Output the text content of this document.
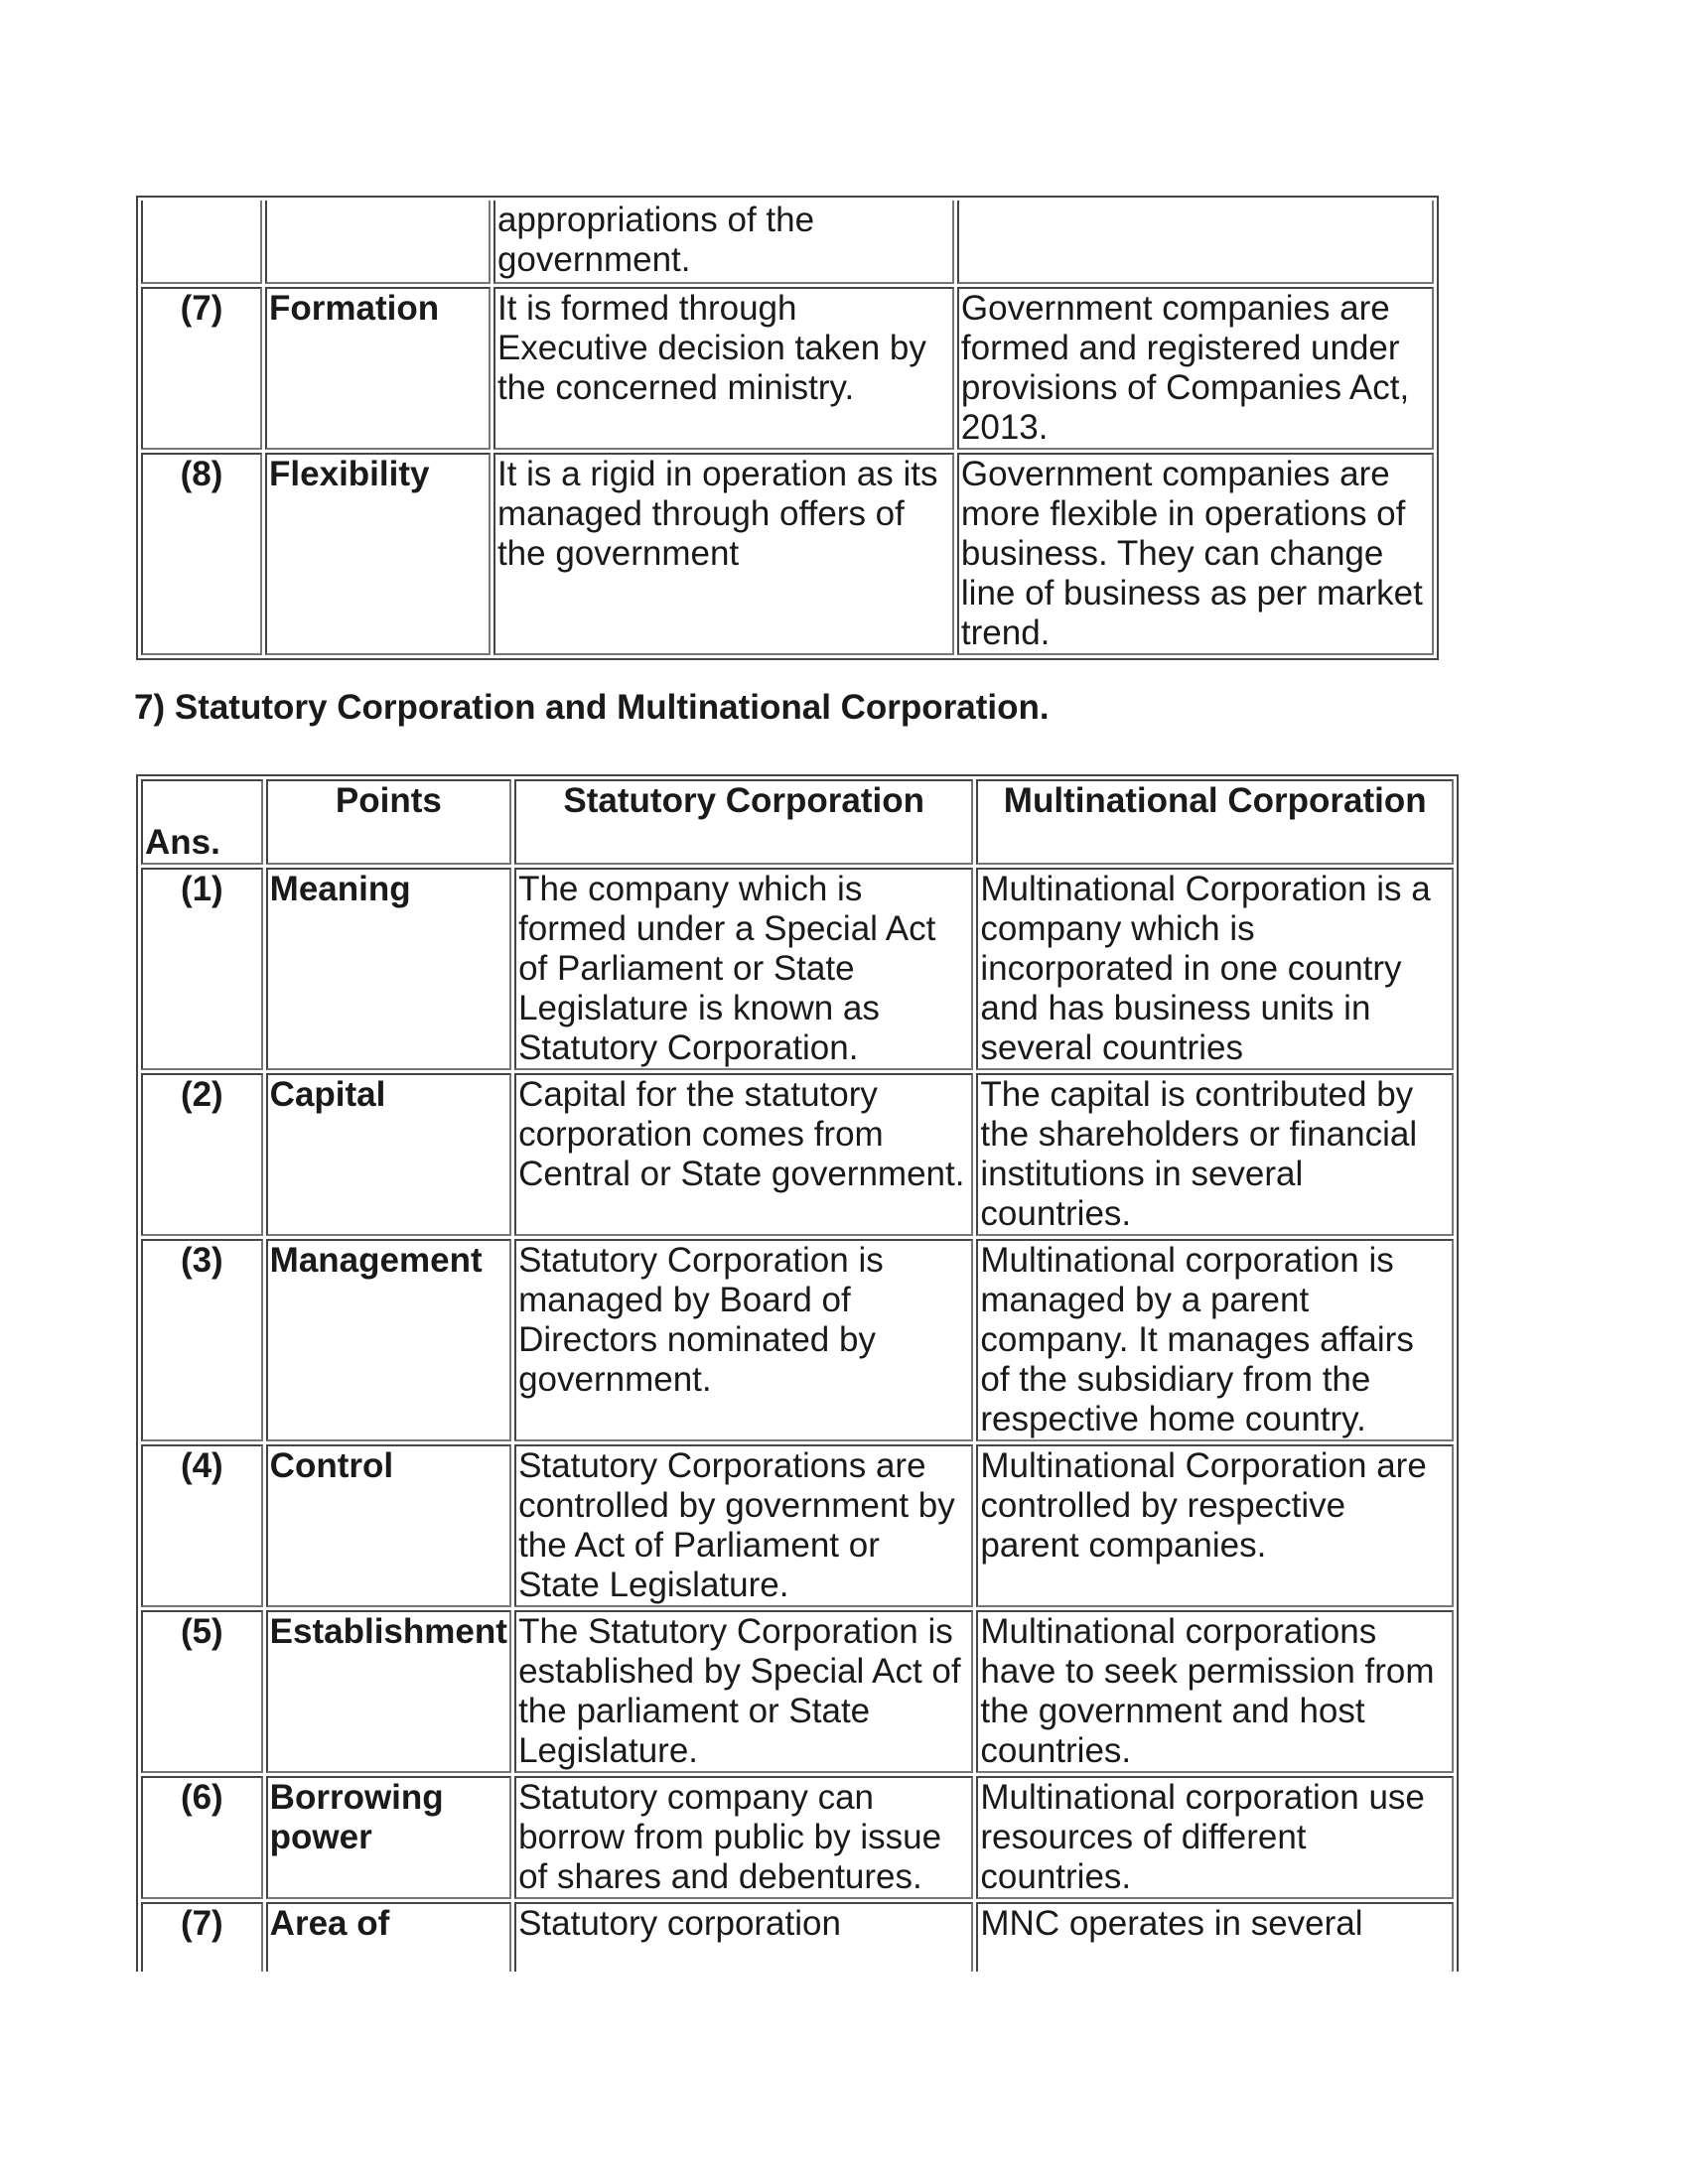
		appropriations of the government.	
(7)	Formation	It is formed through Executive decision taken by the concerned ministry.	Government companies are formed and registered under provisions of Companies Act, 2013.
(8)	Flexibility	It is a rigid in operation as its managed through offers of the government	Government companies are more flexible in operations of business. They can change line of business as per market trend.
7) Statutory Corporation and Multinational Corporation.
Ans.	Points	Statutory Corporation	Multinational Corporation
(1)	Meaning	The company which is formed under a Special Act of Parliament or State Legislature is known as Statutory Corporation.	Multinational Corporation is a company which is incorporated in one country and has business units in several countries
(2)	Capital	Capital for the statutory corporation comes from Central or State government.	The capital is contributed by the shareholders or financial institutions in several countries.
(3)	Management	Statutory Corporation is managed by Board of Directors nominated by government.	Multinational corporation is managed by a parent company. It manages affairs of the subsidiary from the respective home country.
(4)	Control	Statutory Corporations are controlled by government by the Act of Parliament or State Legislature.	Multinational Corporation are controlled by respective parent companies.
(5)	Establishment	The Statutory Corporation is established by Special Act of the parliament or State Legislature.	Multinational corporations have to seek permission from the government and host countries.
(6)	Borrowing power	Statutory company can borrow from public by issue of shares and debentures.	Multinational corporation use resources of different countries.
(7)	Area of	Statutory corporation	MNC operates in several
